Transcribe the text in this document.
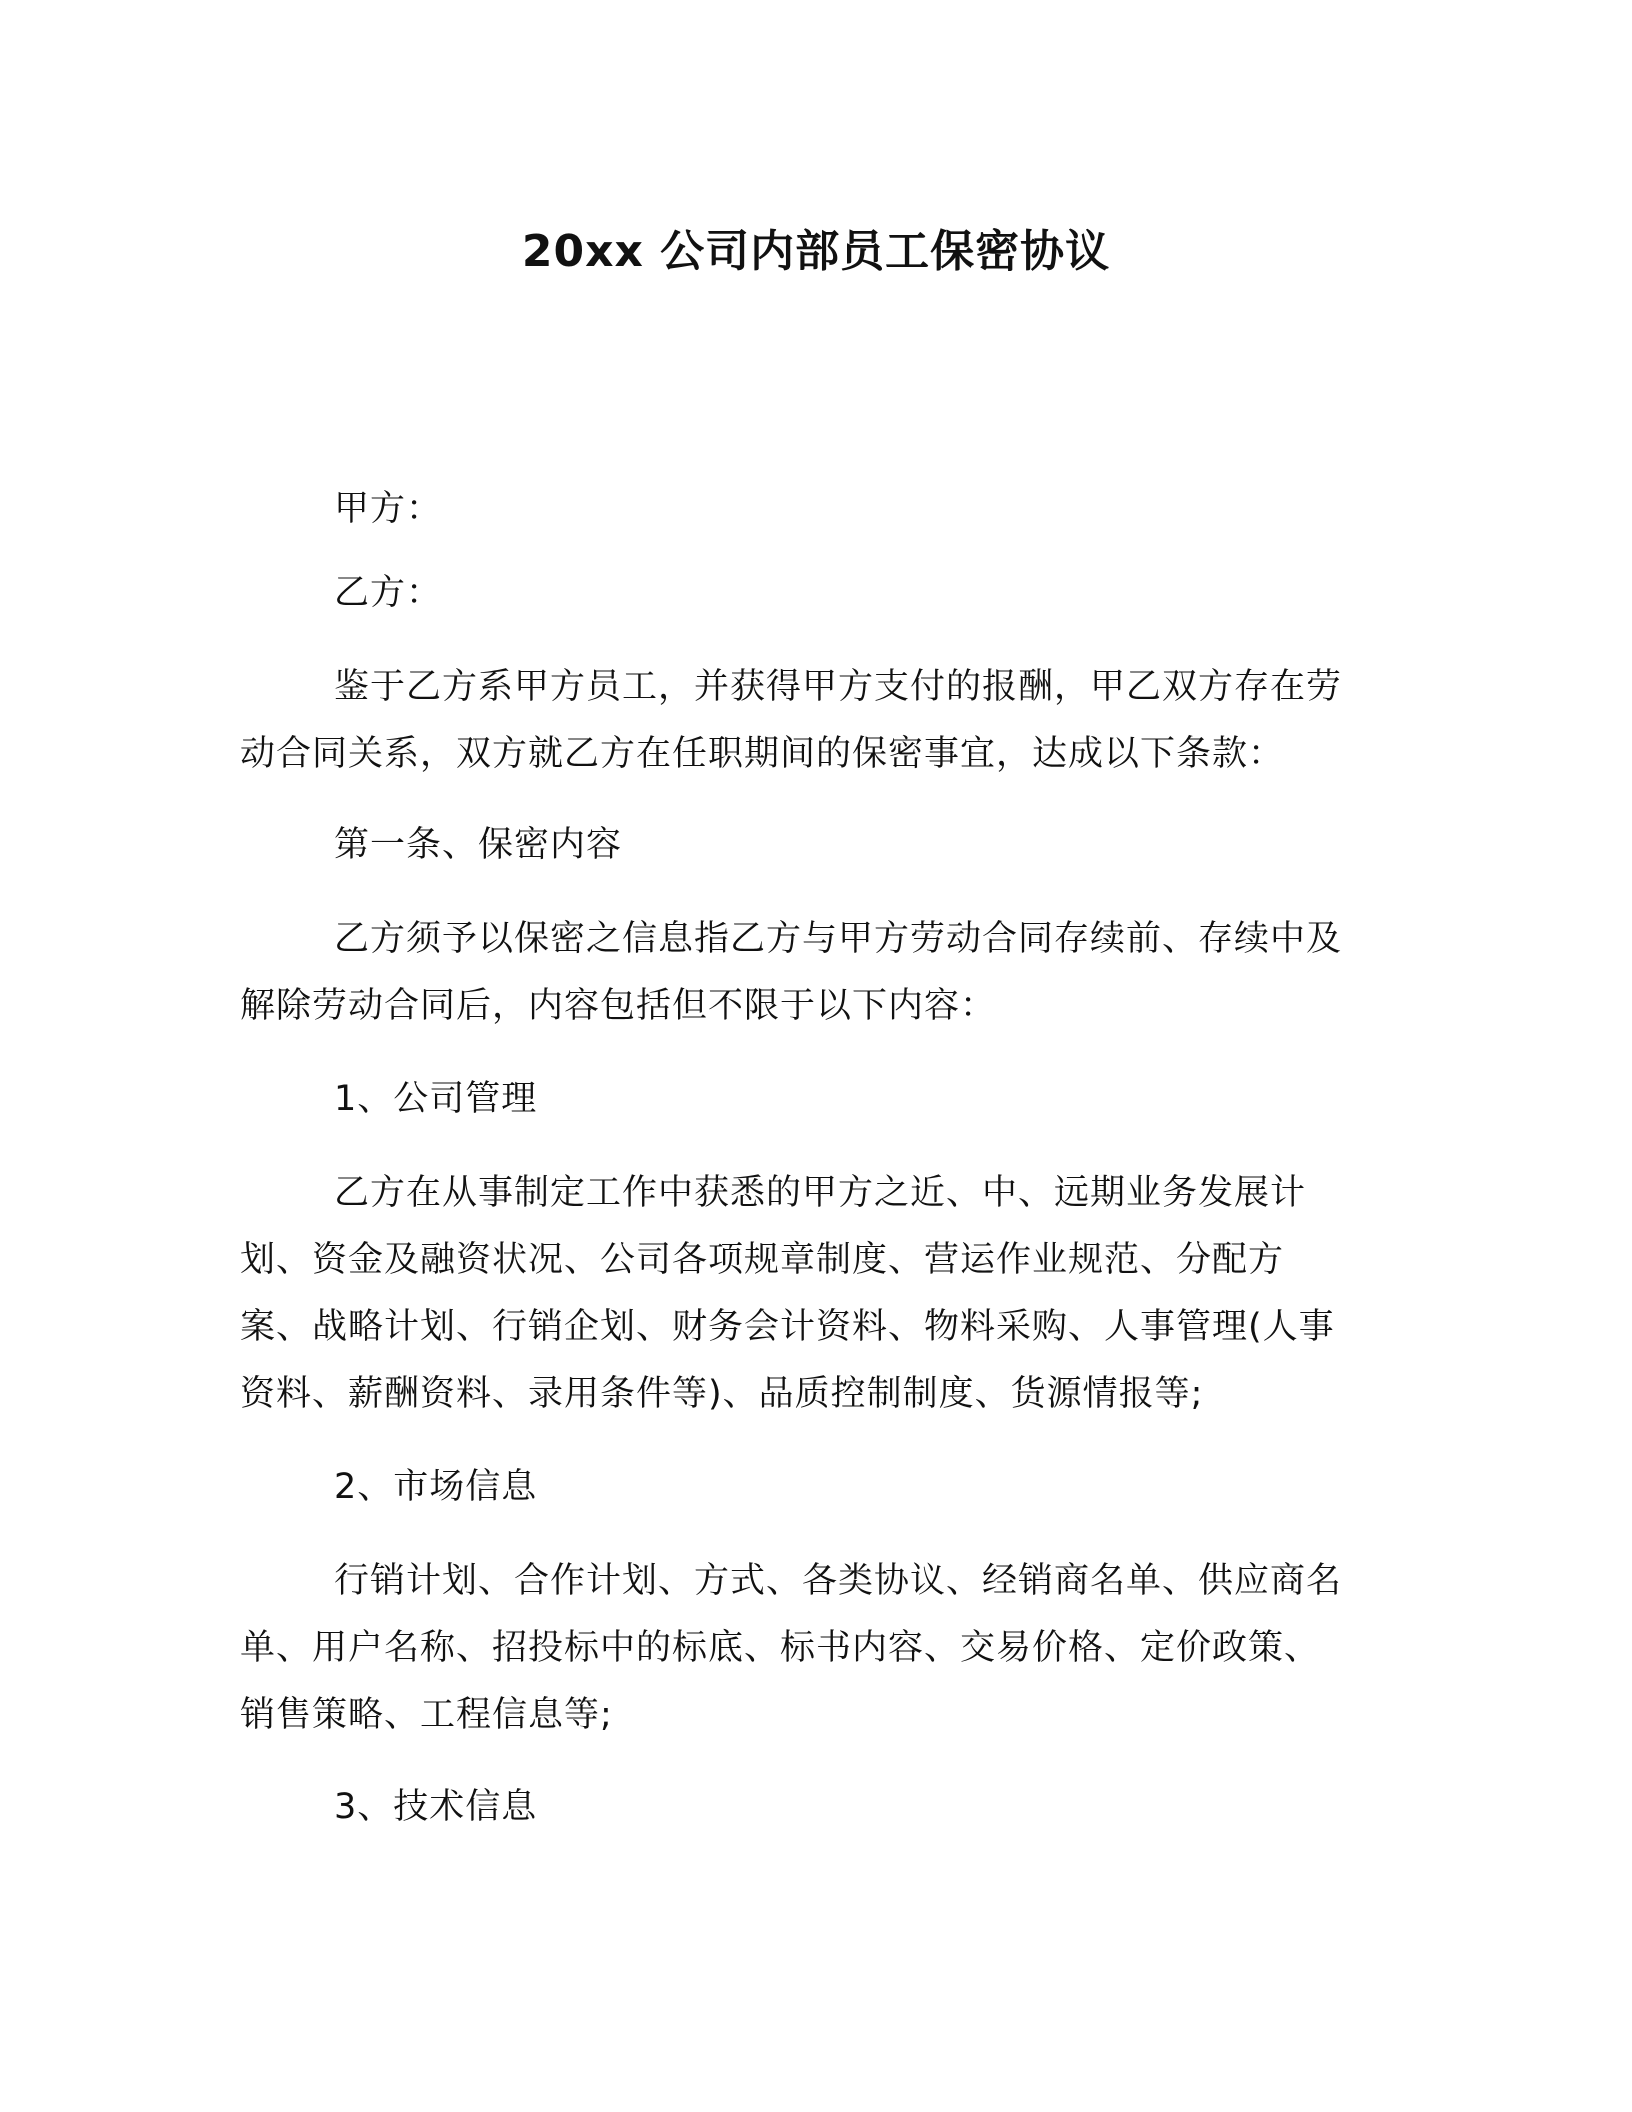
20xx 公司内部员工保密协议

甲方：

乙方：

鉴于乙方系甲方员工，并获得甲方支付的报酬，甲乙双方存在劳
动合同关系，双方就乙方在任职期间的保密事宜，达成以下条款：

第一条、保密内容

乙方须予以保密之信息指乙方与甲方劳动合同存续前、存续中及
解除劳动合同后，内容包括但不限于以下内容：

1、公司管理

乙方在从事制定工作中获悉的甲方之近、中、远期业务发展计
划、资金及融资状况、公司各项规章制度、营运作业规范、分配方
案、战略计划、行销企划、财务会计资料、物料采购、人事管理(人事
资料、薪酬资料、录用条件等)、品质控制制度、货源情报等;

2、市场信息

行销计划、合作计划、方式、各类协议、经销商名单、供应商名
单、用户名称、招投标中的标底、标书内容、交易价格、定价政策、
销售策略、工程信息等;

3、技术信息
